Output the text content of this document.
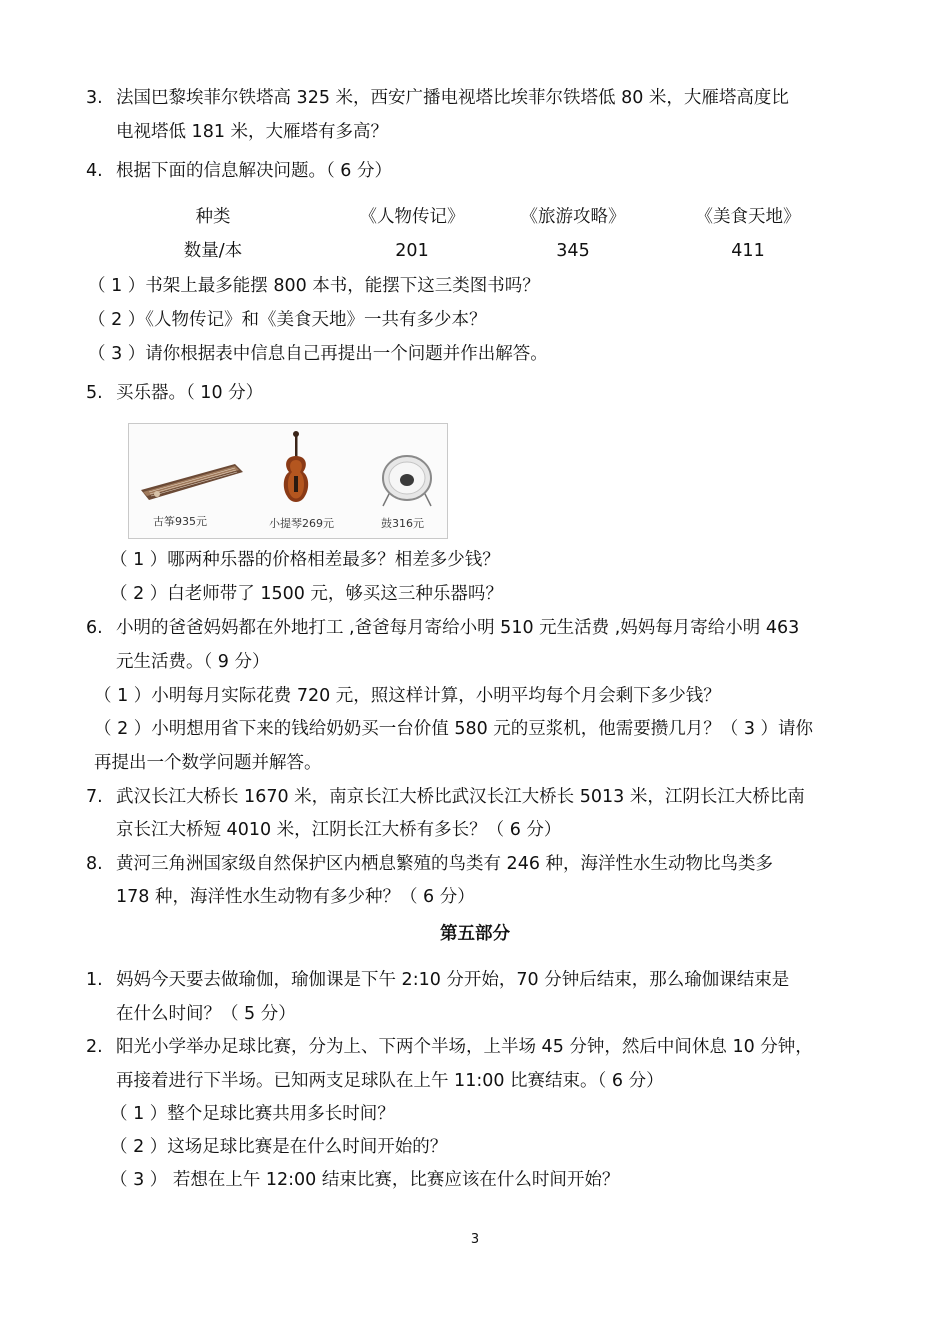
3. 法国巴黎埃菲尔铁塔高 325 米，西安广播电视塔比埃菲尔铁塔低 80 米，大雁塔高度比
电视塔低 181 米，大雁塔有多高？
4. 根据下面的信息解决问题。（ 6 分）
种类	《人物传记》	《旅游攻略》	《美食天地》
数量/本	201	345	411
（ 1 ）书架上最多能摆 800 本书，能摆下这三类图书吗？
（ 2 ）《人物传记》和《美食天地》一共有多少本？
（ 3 ）请你根据表中信息自己再提出一个问题并作出解答。
5. 买乐器。（ 10 分）
古筝935元	小提琴269元	鼓316元
（ 1 ）哪两种乐器的价格相差最多？相差多少钱？
（ 2 ）白老师带了 1500 元，够买这三种乐器吗？
6. 小明的爸爸妈妈都在外地打工 ,爸爸每月寄给小明 510 元生活费 ,妈妈每月寄给小明 463
元生活费。（ 9 分）
（ 1 ）小明每月实际花费 720 元，照这样计算，小明平均每个月会剩下多少钱？
（ 2 ）小明想用省下来的钱给奶奶买一台价值 580 元的豆浆机，他需要攒几月？（ 3 ）请你
再提出一个数学问题并解答。
7. 武汉长江大桥长 1670 米，南京长江大桥比武汉长江大桥长 5013 米，江阴长江大桥比南
京长江大桥短 4010 米，江阴长江大桥有多长？（ 6 分）
8. 黄河三角洲国家级自然保护区内栖息繁殖的鸟类有 246 种，海洋性水生动物比鸟类多
178 种，海洋性水生动物有多少种？（ 6 分）
第五部分
1. 妈妈今天要去做瑜伽，瑜伽课是下午 2:10 分开始，70 分钟后结束，那么瑜伽课结束是
在什么时间？（ 5 分）
2. 阳光小学举办足球比赛，分为上、下两个半场，上半场 45 分钟，然后中间休息 10 分钟，
再接着进行下半场。已知两支足球队在上午 11:00 比赛结束。（ 6 分）
（ 1 ）整个足球比赛共用多长时间？
（ 2 ）这场足球比赛是在什么时间开始的？
（ 3 ） 若想在上午 12:00 结束比赛，比赛应该在什么时间开始？
3
